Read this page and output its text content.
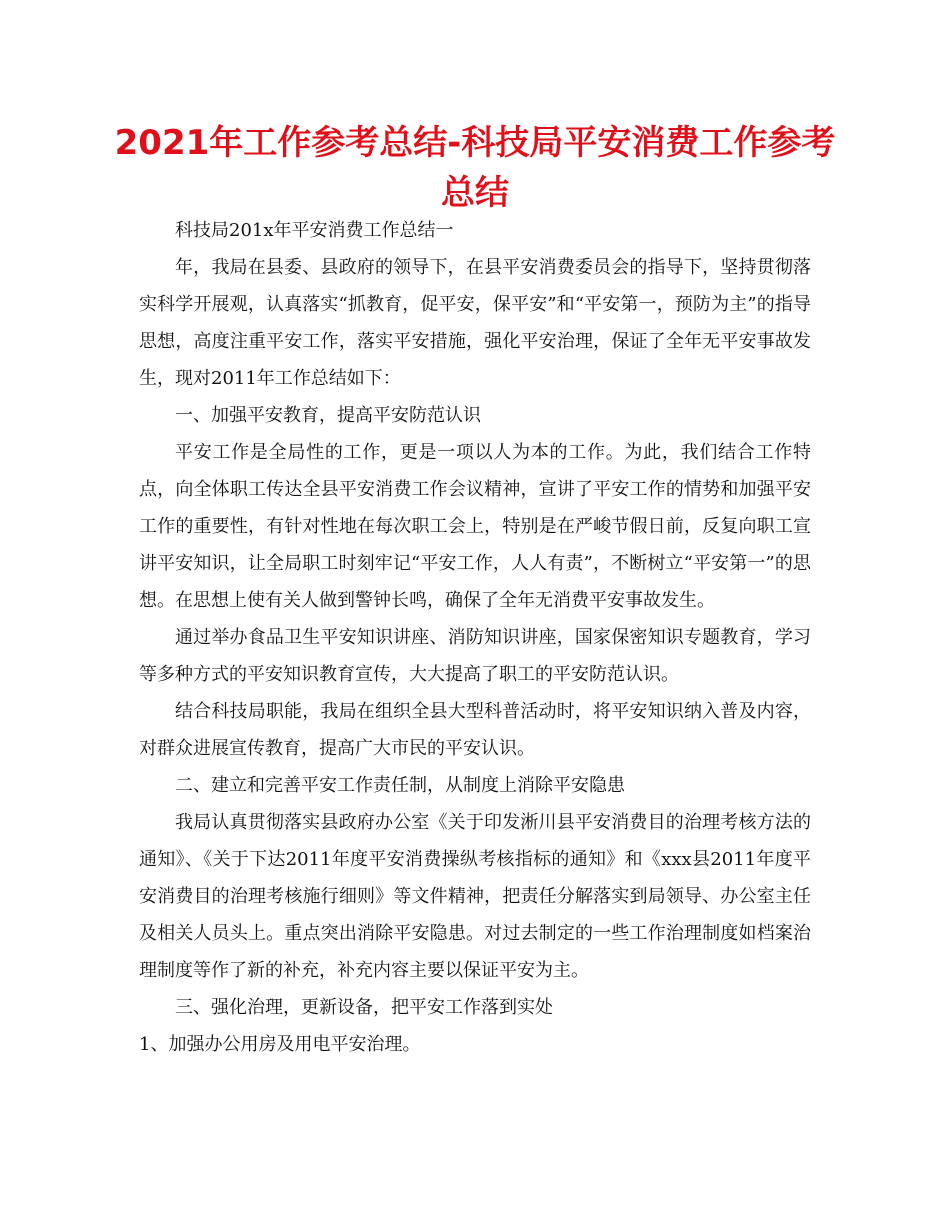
2021年工作参考总结-科技局平安消费工作参考总结

科技局201x年平安消费工作总结一

年，我局在县委、县政府的领导下，在县平安消费委员会的指导下，坚持贯彻落实科学开展观，认真落实“抓教育，促平安，保平安”和“平安第一，预防为主”的指导思想，高度注重平安工作，落实平安措施，强化平安治理，保证了全年无平安事故发生，现对2011年工作总结如下：

一、加强平安教育，提高平安防范认识

平安工作是全局性的工作，更是一项以人为本的工作。为此，我们结合工作特点，向全体职工传达全县平安消费工作会议精神，宣讲了平安工作的情势和加强平安工作的重要性，有针对性地在每次职工会上，特别是在严峻节假日前，反复向职工宣讲平安知识，让全局职工时刻牢记“平安工作，人人有责”，不断树立“平安第一”的思想。在思想上使有关人做到警钟长鸣，确保了全年无消费平安事故发生。

通过举办食品卫生平安知识讲座、消防知识讲座，国家保密知识专题教育，学习等多种方式的平安知识教育宣传，大大提高了职工的平安防范认识。

结合科技局职能，我局在组织全县大型科普活动时，将平安知识纳入普及内容，对群众进展宣传教育，提高广大市民的平安认识。

二、建立和完善平安工作责任制，从制度上消除平安隐患

我局认真贯彻落实县政府办公室《关于印发淅川县平安消费目的治理考核方法的通知》、《关于下达2011年度平安消费操纵考核指标的通知》和《xxx县2011年度平安消费目的治理考核施行细则》等文件精神，把责任分解落实到局领导、办公室主任及相关人员头上。重点突出消除平安隐患。对过去制定的一些工作治理制度如档案治理制度等作了新的补充，补充内容主要以保证平安为主。

三、强化治理，更新设备，把平安工作落到实处

1、加强办公用房及用电平安治理。
